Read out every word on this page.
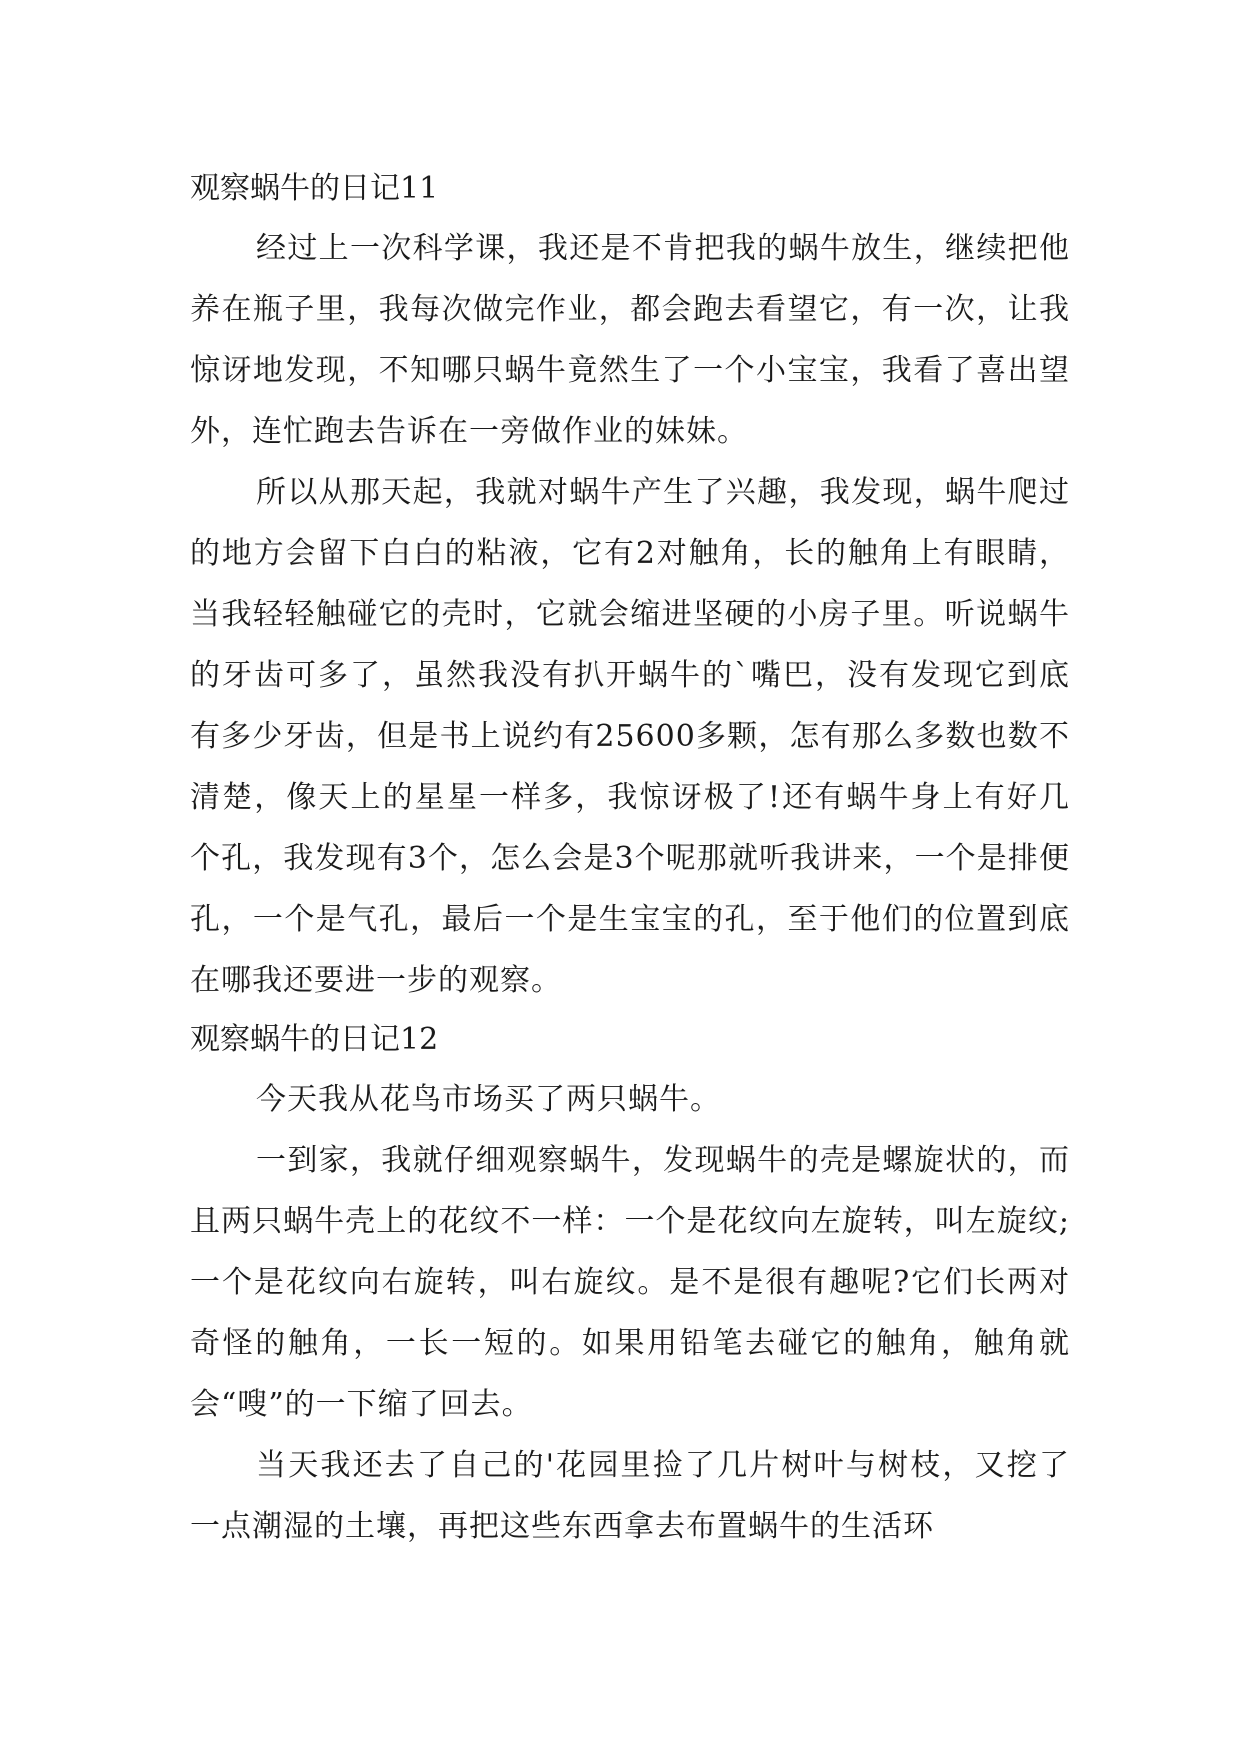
观察蜗牛的日记11

经过上一次科学课，我还是不肯把我的蜗牛放生，继续把他养在瓶子里，我每次做完作业，都会跑去看望它，有一次，让我惊讶地发现，不知哪只蜗牛竟然生了一个小宝宝，我看了喜出望外，连忙跑去告诉在一旁做作业的妹妹。

所以从那天起，我就对蜗牛产生了兴趣，我发现，蜗牛爬过的地方会留下白白的粘液，它有2对触角，长的触角上有眼睛，当我轻轻触碰它的壳时，它就会缩进坚硬的小房子里。听说蜗牛的牙齿可多了，虽然我没有扒开蜗牛的`嘴巴，没有发现它到底有多少牙齿，但是书上说约有25600多颗，怎有那么多数也数不清楚，像天上的星星一样多，我惊讶极了!还有蜗牛身上有好几个孔，我发现有3个，怎么会是3个呢那就听我讲来，一个是排便孔，一个是气孔，最后一个是生宝宝的孔，至于他们的位置到底在哪我还要进一步的观察。

观察蜗牛的日记12

今天我从花鸟市场买了两只蜗牛。

一到家，我就仔细观察蜗牛，发现蜗牛的壳是螺旋状的，而且两只蜗牛壳上的花纹不一样：一个是花纹向左旋转，叫左旋纹;一个是花纹向右旋转，叫右旋纹。是不是很有趣呢?它们长两对奇怪的触角，一长一短的。如果用铅笔去碰它的触角，触角就会“嗖”的一下缩了回去。

当天我还去了自己的'花园里捡了几片树叶与树枝，又挖了一点潮湿的土壤，再把这些东西拿去布置蜗牛的生活环
